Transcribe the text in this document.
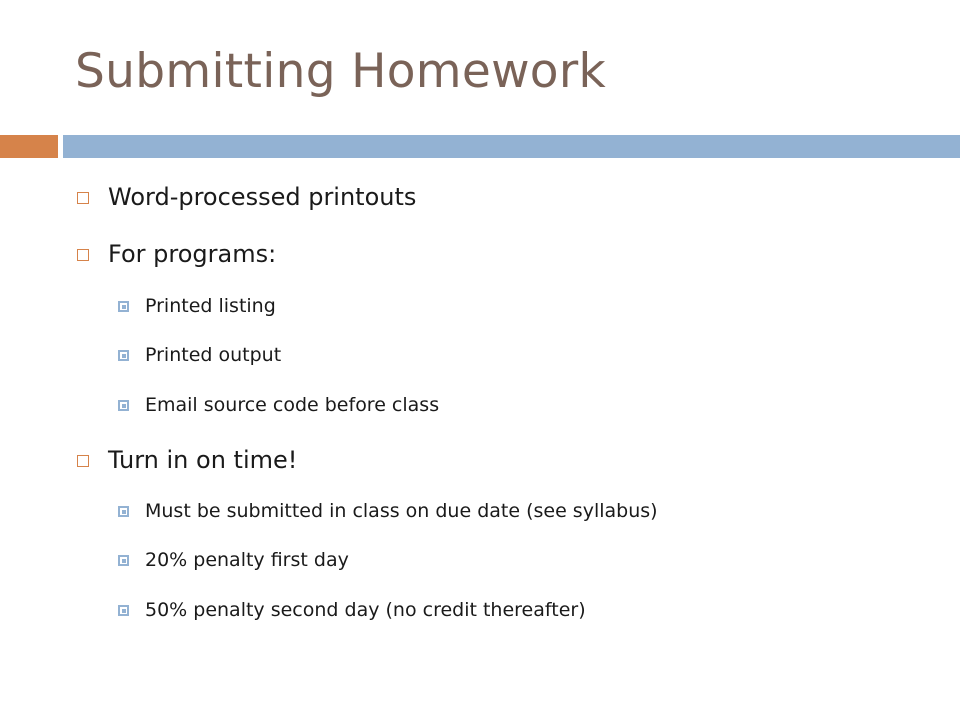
Submitting Homework
Word-processed printouts
For programs:
Printed listing
Printed output
Email source code before class
Turn in on time!
Must be submitted in class on due date (see syllabus)
20% penalty first day
50% penalty second day (no credit thereafter)
